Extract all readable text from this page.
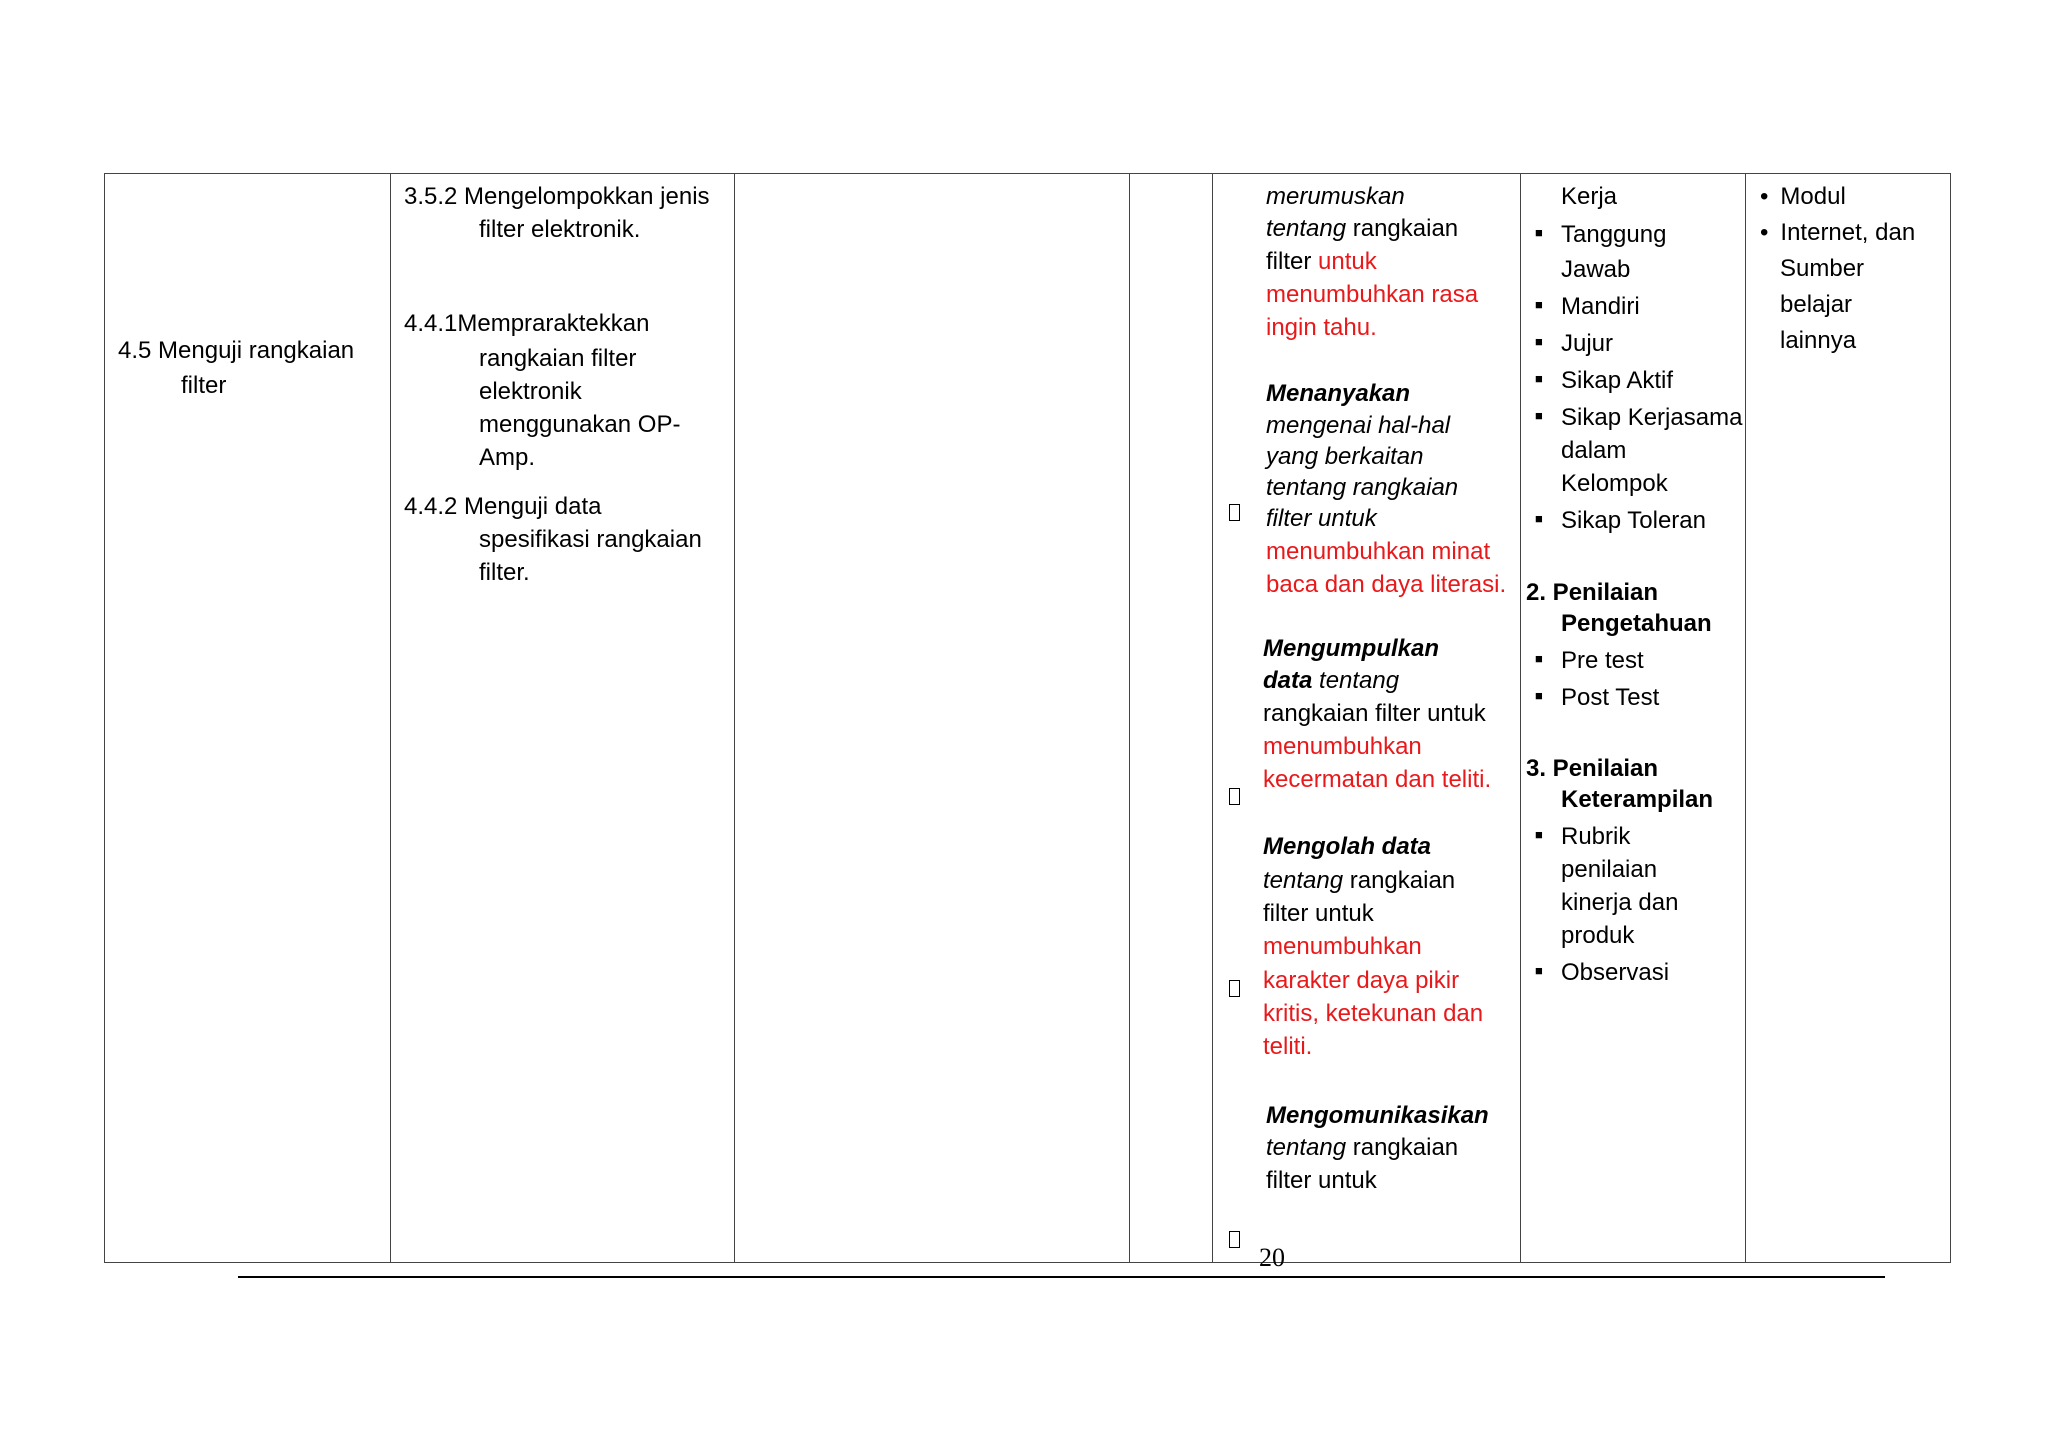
4.5 Menguji rangkaian
filter
3.5.2 Mengelompokkan jenis
filter elektronik.
4.4.1Mempraraktekkan
rangkaian filter
elektronik
menggunakan OP-
Amp.
4.4.2 Menguji data
spesifikasi rangkaian
filter.
merumuskan
tentang rangkaian
filter untuk
menumbuhkan rasa
ingin tahu.
Menanyakan
mengenai hal-hal
yang berkaitan
tentang rangkaian
filter untuk
menumbuhkan minat
baca dan daya literasi.
Mengumpulkan
data tentang
rangkaian filter untuk
menumbuhkan
kecermatan dan teliti.
Mengolah data
tentang rangkaian
filter untuk
menumbuhkan
karakter daya pikir
kritis, ketekunan dan
teliti.
Mengomunikasikan
tentang rangkaian
filter untuk
Kerja
■ Tanggung
Jawab
■ Mandiri
■ Jujur
■ Sikap Aktif
■ Sikap Kerjasama
dalam
Kelompok
■ Sikap Toleran
2. Penilaian
Pengetahuan
■ Pre test
■ Post Test
3. Penilaian
Keterampilan
■ Rubrik
penilaian
kinerja dan
produk
■ Observasi
• Modul
• Internet, dan
Sumber
belajar
lainnya
20
